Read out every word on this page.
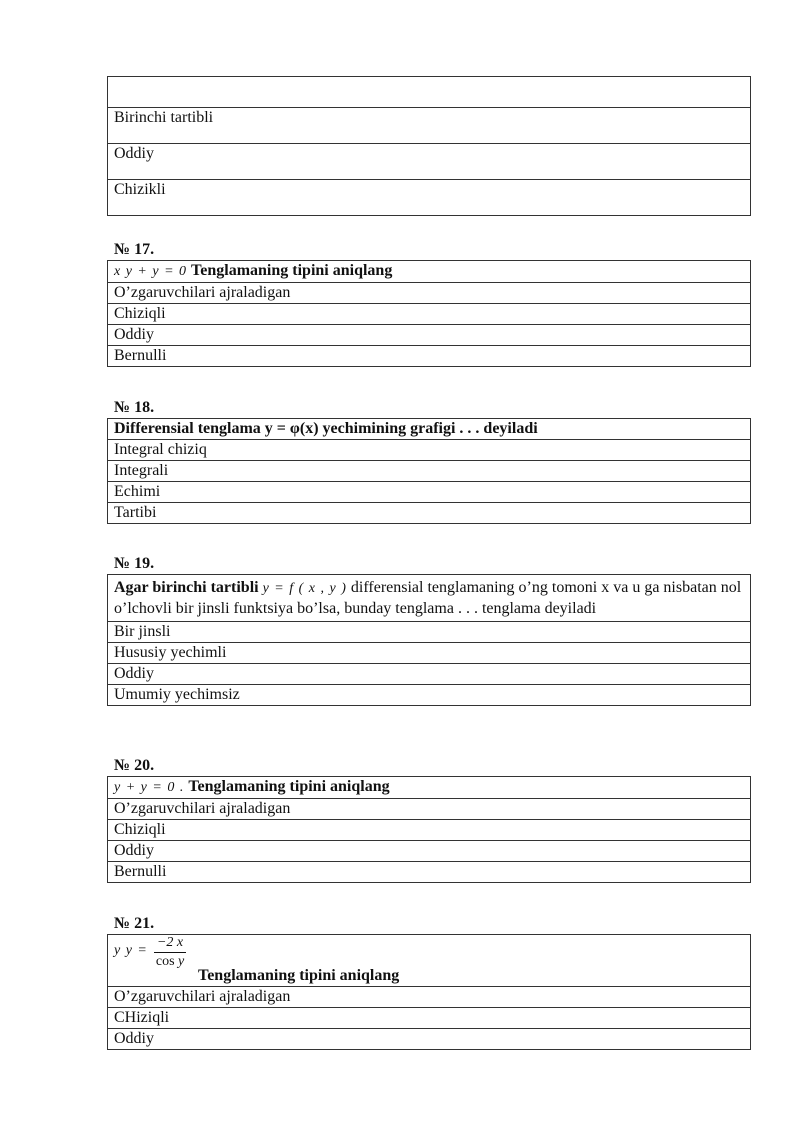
Birinchi tartibli
Oddiy
Chizikli

№ 17.

x y + y = 0 Tenglamaning tipini aniqlang
O’zgaruvchilari ajraladigan
Chiziqli
Oddiy
Bernulli

№ 18.

Differensial tenglama y = φ(x) yechimining grafigi . . . deyiladi
Integral chiziq
Integrali
Echimi
Tartibi

№ 19.

Agar birinchi tartibli y = f ( x , y ) differensial tenglamaning o’ng tomoni x va u ga nisbatan nol o’lchovli bir jinsli funktsiya bo’lsa, bunday tenglama . . . tenglama deyiladi
Bir jinsli
Hususiy yechimli
Oddiy
Umumiy yechimsiz

№ 20.

y + y = 0 . Tenglamaning tipini aniqlang
O’zgaruvchilari ajraladigan
Chiziqli
Oddiy
Bernulli

№ 21.

y $y = \frac{-2 x}{\text{cos y}}$
Tenglamaning tipini aniqlang

O’zgaruvchilari ajraladigan
CHiziqli
Oddiy
